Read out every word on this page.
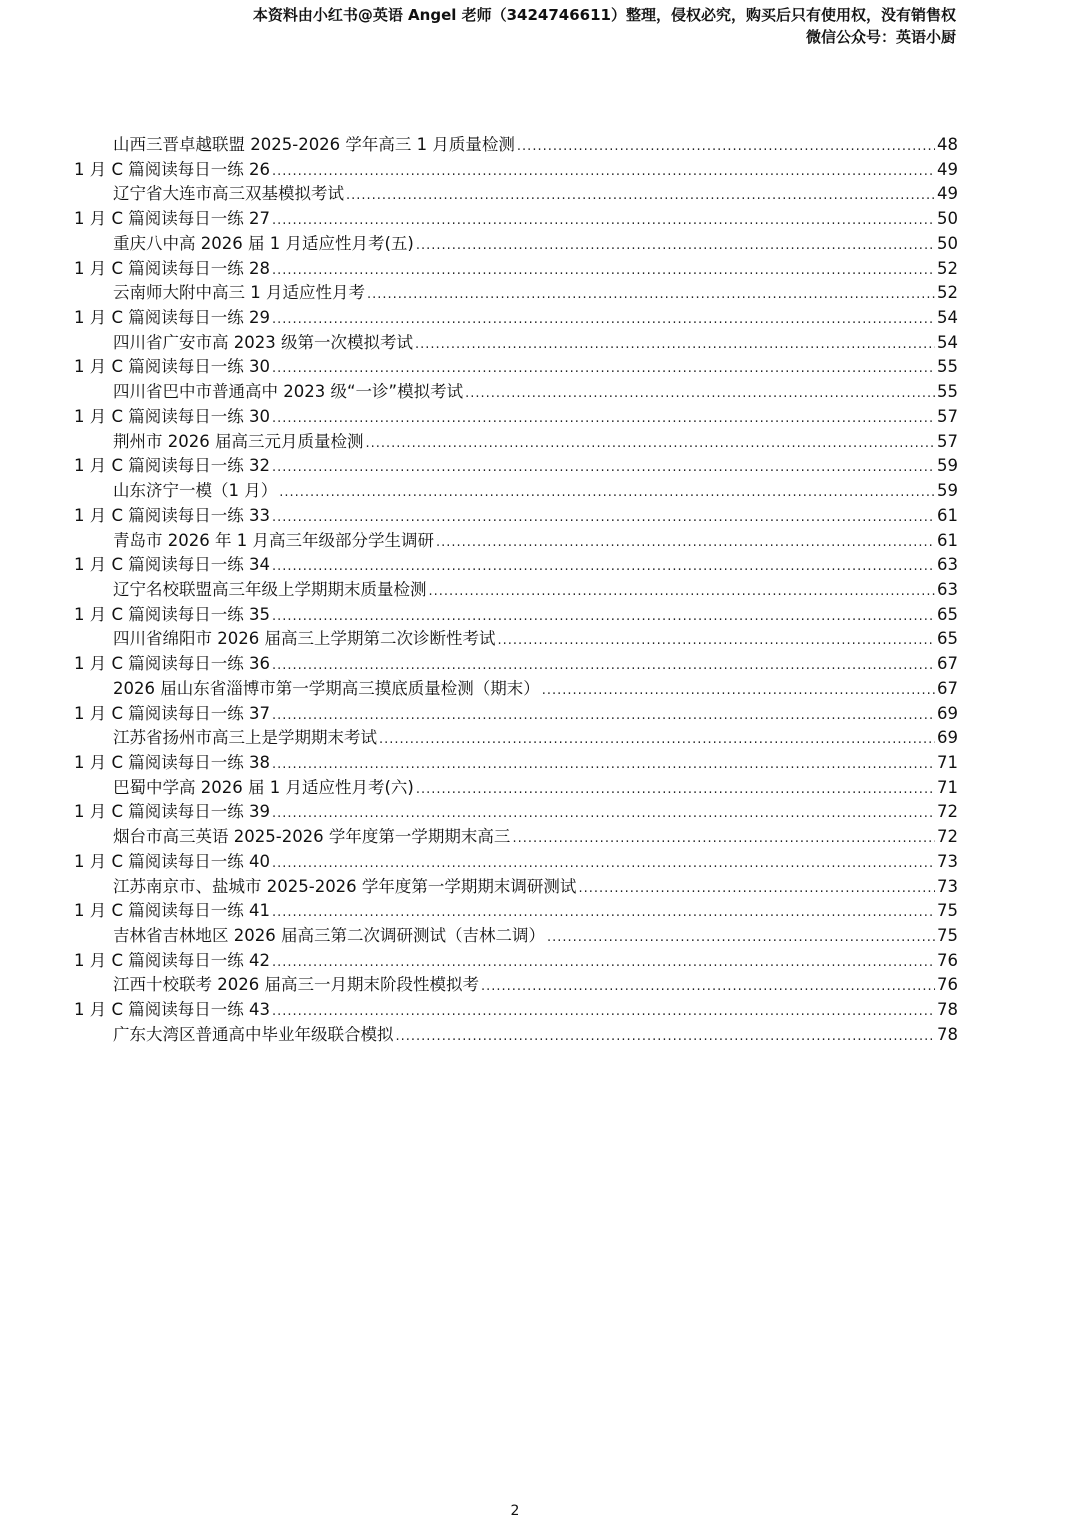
本资料由小红书@英语 Angel 老师（3424746611）整理，侵权必究，购买后只有使用权，没有销售权
微信公众号：英语小厨
山西三晋卓越联盟 2025-2026 学年高三 1 月质量检测 .....	48
1 月 C 篇阅读每日一练 26 .....	49
辽宁省大连市高三双基模拟考试 .....	49
1 月 C 篇阅读每日一练 27 .....	50
重庆八中高 2026 届 1 月适应性月考(五) .....	50
1 月 C 篇阅读每日一练 28 .....	52
云南师大附中高三 1 月适应性月考 .....	52
1 月 C 篇阅读每日一练 29 .....	54
四川省广安市高 2023 级第一次模拟考试 .....	54
1 月 C 篇阅读每日一练 30 .....	55
四川省巴中市普通高中 2023 级“一诊”模拟考试 .....	55
1 月 C 篇阅读每日一练 30 .....	57
荆州市 2026 届高三元月质量检测 .....	57
1 月 C 篇阅读每日一练 32 .....	59
山东济宁一模（1 月） .....	59
1 月 C 篇阅读每日一练 33 .....	61
青岛市 2026 年 1 月高三年级部分学生调研 .....	61
1 月 C 篇阅读每日一练 34 .....	63
辽宁名校联盟高三年级上学期期末质量检测 .....	63
1 月 C 篇阅读每日一练 35 .....	65
四川省绵阳市 2026 届高三上学期第二次诊断性考试 .....	65
1 月 C 篇阅读每日一练 36 .....	67
2026 届山东省淄博市第一学期高三摸底质量检测（期末） .....	67
1 月 C 篇阅读每日一练 37 .....	69
江苏省扬州市高三上是学期期末考试 .....	69
1 月 C 篇阅读每日一练 38 .....	71
巴蜀中学高 2026 届 1 月适应性月考(六) .....	71
1 月 C 篇阅读每日一练 39 .....	72
烟台市高三英语 2025-2026 学年度第一学期期末高三 .....	72
1 月 C 篇阅读每日一练 40 .....	73
江苏南京市、盐城市 2025-2026 学年度第一学期期末调研测试 .....	73
1 月 C 篇阅读每日一练 41 .....	75
吉林省吉林地区 2026 届高三第二次调研测试（吉林二调） .....	75
1 月 C 篇阅读每日一练 42 .....	76
江西十校联考 2026 届高三一月期末阶段性模拟考 .....	76
1 月 C 篇阅读每日一练 43 .....	78
广东大湾区普通高中毕业年级联合模拟 .....	78
2
